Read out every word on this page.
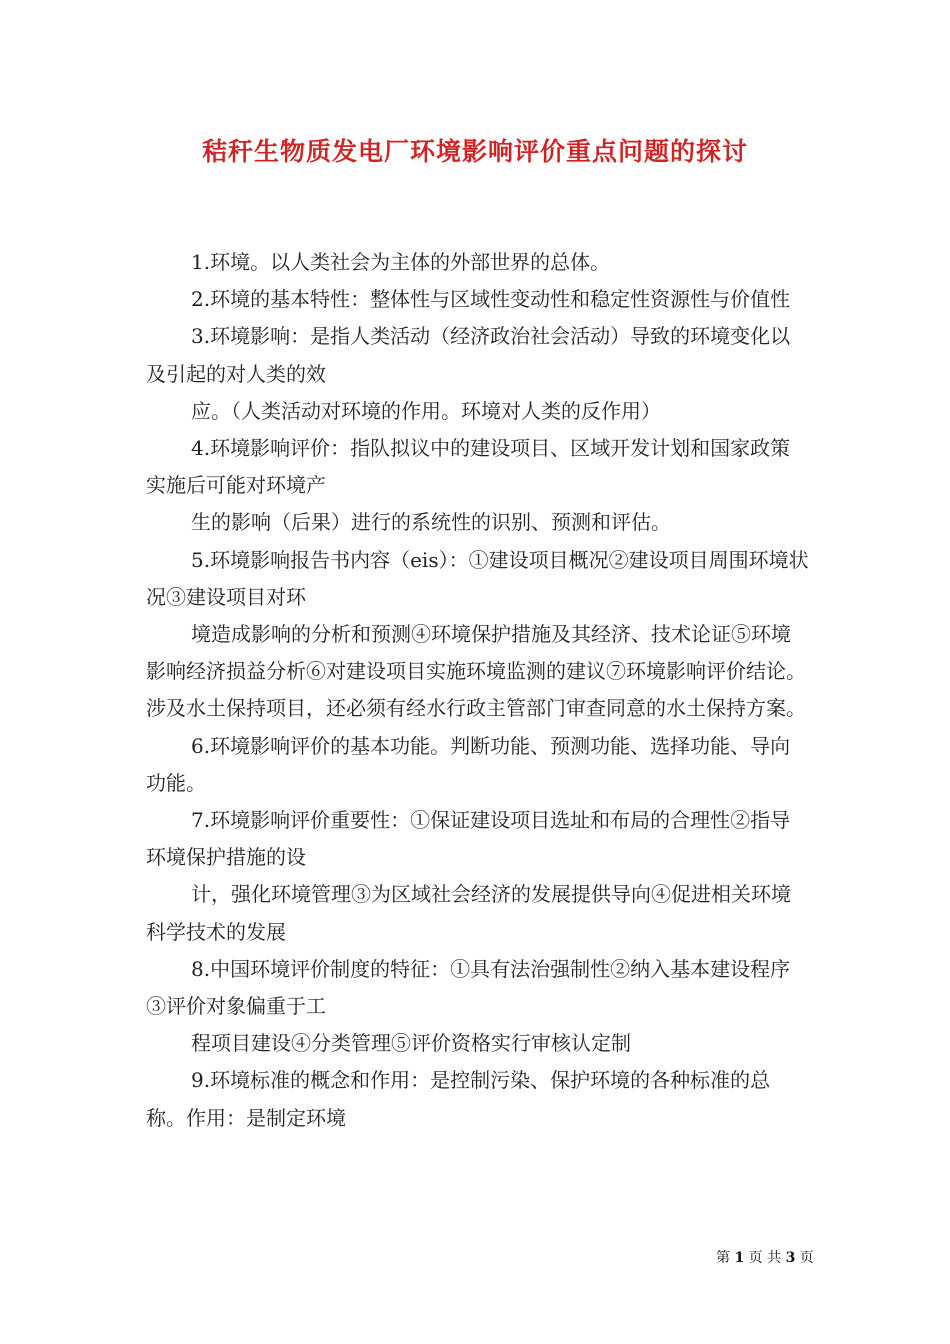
秸秆生物质发电厂环境影响评价重点问题的探讨

1.环境。以人类社会为主体的外部世界的总体。

2.环境的基本特性：整体性与区域性变动性和稳定性资源性与价值性

3.环境影响：是指人类活动（经济政治社会活动）导致的环境变化以及引起的对人类的效

应。（人类活动对环境的作用。环境对人类的反作用）

4.环境影响评价：指队拟议中的建设项目、区域开发计划和国家政策实施后可能对环境产

生的影响（后果）进行的系统性的识别、预测和评估。

5.环境影响报告书内容（eis）：①建设项目概况②建设项目周围环境状况③建设项目对环

境造成影响的分析和预测④环境保护措施及其经济、技术论证⑤环境影响经济损益分析⑥对建设项目实施环境监测的建议⑦环境影响评价结论。涉及水土保持项目，还必须有经水行政主管部门审查同意的水土保持方案。

6.环境影响评价的基本功能。判断功能、预测功能、选择功能、导向功能。

7.环境影响评价重要性：①保证建设项目选址和布局的合理性②指导环境保护措施的设

计，强化环境管理③为区域社会经济的发展提供导向④促进相关环境科学技术的发展

8.中国环境评价制度的特征：①具有法治强制性②纳入基本建设程序③评价对象偏重于工

程项目建设④分类管理⑤评价资格实行审核认定制

9.环境标准的概念和作用：是控制污染、保护环境的各种标准的总称。作用：是制定环境

第 1 页 共 3 页
